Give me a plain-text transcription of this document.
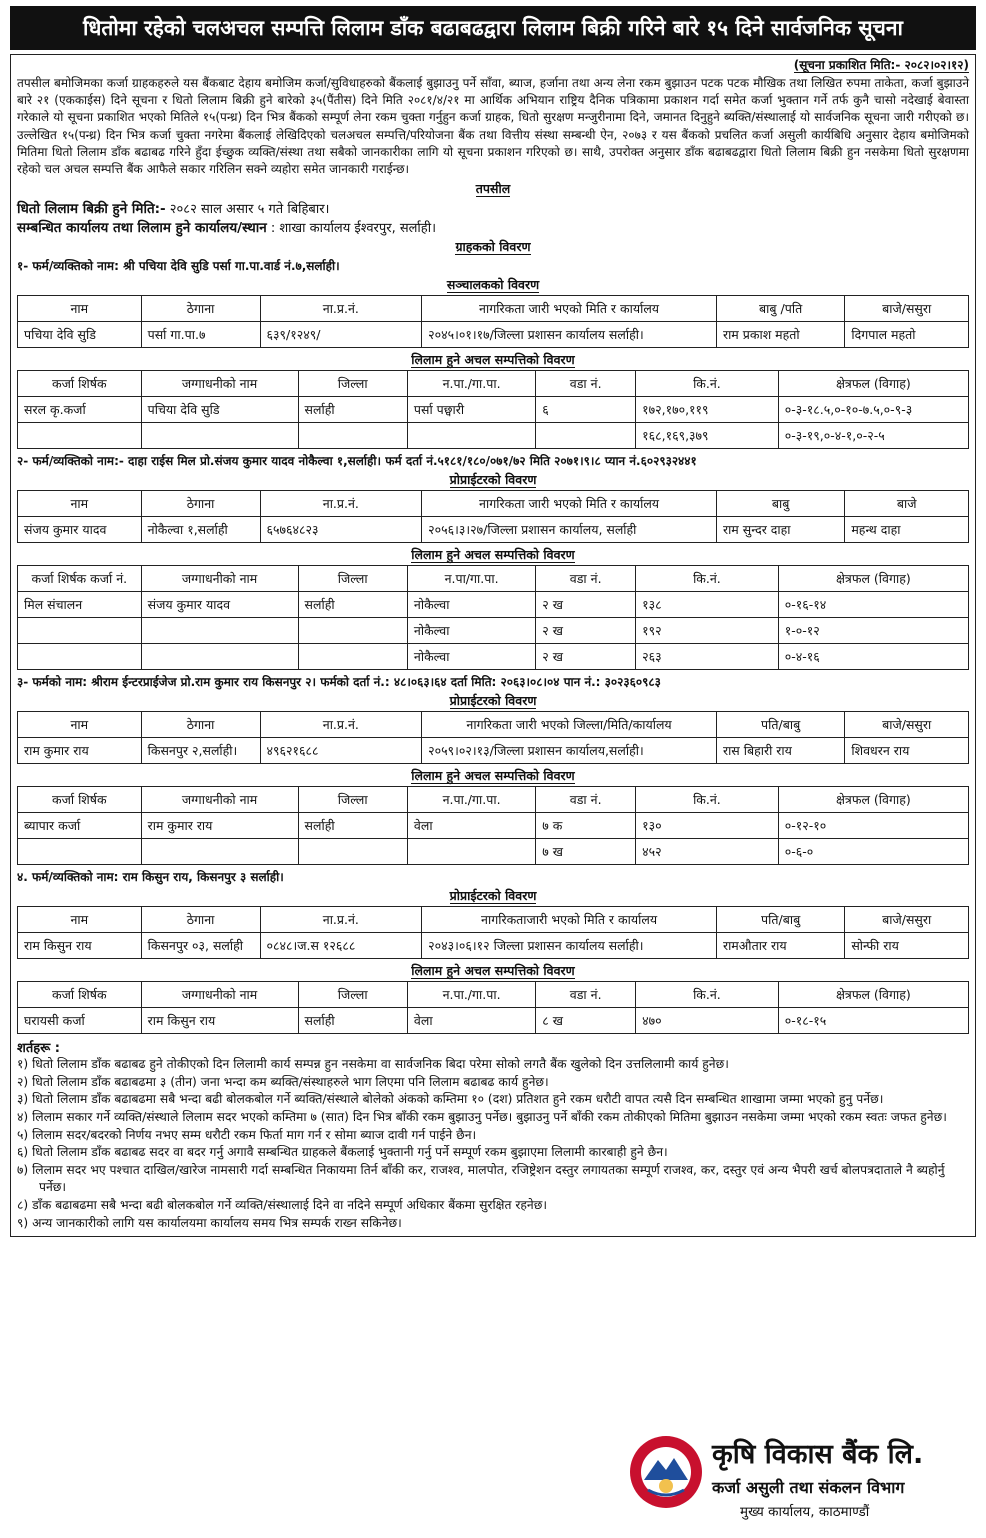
धितोमा रहेको चलअचल सम्पत्ति लिलाम डाँक बढाबढद्वारा लिलाम बिक्री गरिने बारे १५ दिने सार्वजनिक सूचना
(सूचना प्रकाशित मिति:- २०८२।०२।१२)
तपसील बमोजिमका कर्जा ग्राहकहरुले यस बैंकबाट देहाय बमोजिम कर्जा/सुविधाहरुको बैंकलाई बुझाउनु पर्ने साँवा, ब्याज, हर्जाना तथा अन्य लेना रकम बुझाउन पटक पटक मौखिक तथा लिखित रुपमा ताकेता, कर्जा बुझाउने बारे २१ (एककाईस) दिने सूचना र धितो लिलाम बिक्री हुने बारेको ३५(पैंतीस) दिने मिति २०८१/४/२१ मा आर्थिक अभियान राष्ट्रिय दैनिक पत्रिकामा प्रकाशन गर्दा समेत कर्जा भुक्तान गर्ने तर्फ कुनै चासो नदेखाई बेवास्ता गरेकाले यो सूचना प्रकाशित भएको मितिले १५(पन्ध्र) दिन भित्र बैंकको सम्पूर्ण लेना रकम चुक्ता गर्नुहुन कर्जा ग्राहक, धितो सुरक्षण मन्जुरीनामा दिने, जमानत दिनुहुने ब्यक्ति/संस्थालाई यो सार्वजनिक सूचना जारी गरीएको छ। उल्लेखित १५(पन्ध्र) दिन भित्र कर्जा चुक्ता नगरेमा बैंकलाई लेखिदिएको चलअचल सम्पत्ति/परियोजना बैंक तथा वित्तीय संस्था सम्बन्धी ऐन, २०७३ र यस बैंकको प्रचलित कर्जा असुली कार्यबिधि अनुसार देहाय बमोजिमको मितिमा धितो लिलाम डाँक बढाबढ गरिने हुँदा ईच्छुक व्यक्ति/संस्था तथा सबैको जानकारीका लागि यो सूचना प्रकाशन गरिएको छ। साथै, उपरोक्त अनुसार डाँक बढाबढद्वारा धितो लिलाम बिक्री हुन नसकेमा धितो सुरक्षणमा रहेको चल अचल सम्पत्ति बैंक आफैले सकार गरिलिन सक्ने व्यहोरा समेत जानकारी गराईन्छ।
तपसील
धितो लिलाम बिक्री हुने मिति:- २०८२ साल असार ५ गते बिहिबार।
सम्बन्धित कार्यालय तथा लिलाम हुने कार्यालय/स्थान : शाखा कार्यालय ईश्वरपुर, सर्लाही।
ग्राहकको विवरण
१- फर्म/व्यक्तिको नाम: श्री पचिया देवि सुडि पर्सा गा.पा.वार्ड नं.७,सर्लाही।
सञ्चालकको विवरण
नाम	ठेगाना	ना.प्र.नं.	नागरिकता जारी भएको मिति र कार्यालय	बाबु /पति	बाजे/ससुरा
पचिया देवि सुडि	पर्सा गा.पा.७	६३९/१२४९/	२०४५।०१।१७/जिल्ला प्रशासन कार्यालय सर्लाही।	राम प्रकाश महतो	दिगपाल महतो
लिलाम हुने अचल सम्पत्तिको विवरण
कर्जा शिर्षक	जग्गाधनीको नाम	जिल्ला	न.पा./गा.पा.	वडा नं.	कि.नं.	क्षेत्रफल (विगाह)
सरल कृ.कर्जा	पचिया देवि सुडि	सर्लाही	पर्सा पछ्वारी	६	१७२,१७०,११९	०-३-१८.५,०-१०-७.५,०-९-३
					१६८,१६९,३७९	०-३-१९,०-४-१,०-२-५
२- फर्म/व्यक्तिको नाम:- दाहा राईस मिल प्रो.संजय कुमार यादव नोकैल्वा १,सर्लाही। फर्म दर्ता नं.५१८१/१८०/०७१/७२ मिति २०७१।९।८ प्यान नं.६०२९३२४४१
प्रोप्राईटरको विवरण
नाम	ठेगाना	ना.प्र.नं.	नागरिकता जारी भएको मिति र कार्यालय	बाबु	बाजे
संजय कुमार यादव	नोकैल्वा १,सर्लाही	६५७६४८२३	२०५६।३।२७/जिल्ला प्रशासन कार्यालय, सर्लाही	राम सुन्दर दाहा	महन्थ दाहा
लिलाम हुने अचल सम्पत्तिको विवरण
कर्जा शिर्षक कर्जा नं.	जग्गाधनीको नाम	जिल्ला	न.पा/गा.पा.	वडा नं.	कि.नं.	क्षेत्रफल (विगाह)
मिल संचालन	संजय कुमार यादव	सर्लाही	नोकैल्वा	२ ख	१३८	०-१६-१४
			नोकैल्वा	२ ख	१९२	१-०-१२
			नोकैल्वा	२ ख	२६३	०-४-१६
३- फर्मको नाम: श्रीराम ईन्टरप्राईजेज प्रो.राम कुमार राय किसनपुर २। फर्मको दर्ता नं.: ४८।०६३।६४ दर्ता मिति: २०६३।०८।०४ पान नं.: ३०२३६०९८३
प्रोप्राईटरको विवरण
नाम	ठेगाना	ना.प्र.नं.	नागरिकता जारी भएको जिल्ला/मिति/कार्यालय	पति/बाबु	बाजे/ससुरा
राम कुमार राय	किसनपुर २,सर्लाही।	४९६२१६८८	२०५९।०२।१३/जिल्ला प्रशासन कार्यालय,सर्लाही।	रास बिहारी राय	शिवधरन राय
लिलाम हुने अचल सम्पत्तिको विवरण
कर्जा शिर्षक	जग्गाधनीको नाम	जिल्ला	न.पा./गा.पा.	वडा नं.	कि.नं.	क्षेत्रफल (विगाह)
ब्यापार कर्जा	राम कुमार राय	सर्लाही	वेला	७ क	१३०	०-१२-१०
				७ ख	४५२	०-६-०
४. फर्म/व्यक्तिको नाम: राम किसुन राय, किसनपुर ३ सर्लाही।
प्रोप्राईटरको विवरण
नाम	ठेगाना	ना.प्र.नं.	नागरिकताजारी भएको मिति र कार्यालय	पति/बाबु	बाजे/ससुरा
राम किसुन राय	किसनपुर ०३, सर्लाही	०८४८।ज.स १२६८८	२०४३।०६।१२ जिल्ला प्रशासन कार्यालय सर्लाही।	रामऔतार राय	सोन्फी राय
लिलाम हुने अचल सम्पत्तिको विवरण
कर्जा शिर्षक	जग्गाधनीको नाम	जिल्ला	न.पा./गा.पा.	वडा नं.	कि.नं.	क्षेत्रफल (विगाह)
घरायसी कर्जा	राम किसुन राय	सर्लाही	वेला	८ ख	४७०	०-१८-१५
शर्तहरू :
१) धितो लिलाम डाँक बढाबढ हुने तोकीएको दिन लिलामी कार्य सम्पन्न हुन नसकेमा वा सार्वजनिक बिदा परेमा सोको लगतै बैंक खुलेको दिन उत्तलिलामी कार्य हुनेछ।
२) धितो लिलाम डाँक बढाबढमा ३ (तीन) जना भन्दा कम ब्यक्ति/संस्थाहरुले भाग लिएमा पनि लिलाम बढाबढ कार्य हुनेछ।
३) धितो लिलाम डाँक बढाबढमा सबै भन्दा बढी बोलकबोल गर्ने ब्यक्ति/संस्थाले बोलेको अंकको कम्तिमा १० (दश) प्रतिशत हुने रकम धरौटी वापत त्यसै दिन सम्बन्धित शाखामा जम्मा भएको हुनु पर्नेछ।
४) लिलाम सकार गर्ने व्यक्ति/संस्थाले लिलाम सदर भएको कम्तिमा ७ (सात) दिन भित्र बाँकी रकम बुझाउनु पर्नेछ। बुझाउनु पर्ने बाँकी रकम तोकीएको मितिमा बुझाउन नसकेमा जम्मा भएको रकम स्वतः जफत हुनेछ।
५) लिलाम सदर/बदरको निर्णय नभए सम्म धरौटी रकम फिर्ता माग गर्न र सोमा ब्याज दावी गर्न पाईने छैन।
६) धितो लिलाम डाँक बढाबढ सदर वा बदर गर्नु अगावै सम्बन्धित ग्राहकले बैंकलाई भुक्तानी गर्नु पर्ने सम्पूर्ण रकम बुझाएमा लिलामी कारबाही हुने छैन।
७) लिलाम सदर भए पश्चात दाखिल/खारेज नामसारी गर्दा सम्बन्धित निकायमा तिर्न बाँकी कर, राजश्व, मालपोत, रजिष्ट्रेशन दस्तुर लगायतका सम्पूर्ण राजश्व, कर, दस्तुर एवं अन्य भैपरी खर्च बोलपत्रदाताले नै ब्यहोर्नु पर्नेछ।
८) डाँक बढाबढमा सबै भन्दा बढी बोलकबोल गर्ने व्यक्ति/संस्थालाई दिने वा नदिने सम्पूर्ण अधिकार बैंकमा सुरक्षित रहनेछ।
९) अन्य जानकारीको लागि यस कार्यालयमा कार्यालय समय भित्र सम्पर्क राख्न सकिनेछ।
कृषि विकास बैंक लि.
कर्जा असुली तथा संकलन विभाग
मुख्य कार्यालय, काठमाण्डौं
